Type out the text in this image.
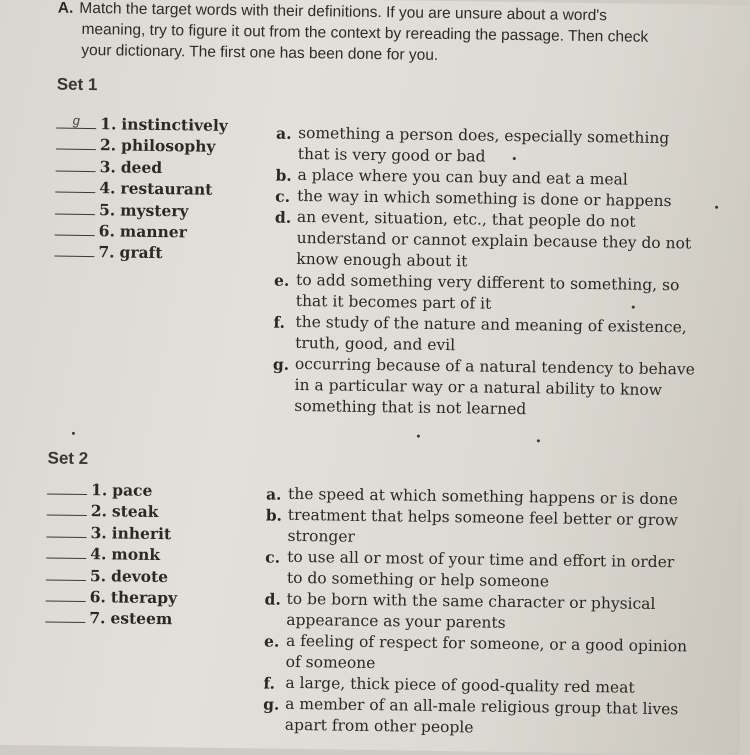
A. Match the target words with their definitions. If you are unsure about a word's
meaning, try to figure it out from the context by rereading the passage. Then check
your dictionary. The first one has been done for you.
Set 1
g	1.
instinctively
2.
philosophy
3.
deed
4.
restaurant
5.
mystery
6.
manner
7.
graft
a. something a person does, especially something
that is very good or bad
b. a place where you can buy and eat a meal
c. the way in which something is done or happens
d. an event, situation, etc., that people do not
understand or cannot explain because they do not
know enough about it
e. to add something very different to something, so
that it becomes part of it
f. the study of the nature and meaning of existence,
truth, good, and evil
g. occurring because of a natural tendency to behave
in a particular way or a natural ability to know
something that is not learned
Set 2
1.
pace
2.
steak
3.
inherit
4.
monk
5.
devote
6.
therapy
7.
esteem
a. the speed at which something happens or is done
b. treatment that helps someone feel better or grow
stronger
c. to use all or most of your time and effort in order
to do something or help someone
d. to be born with the same character or physical
appearance as your parents
e. a feeling of respect for someone, or a good opinion
of someone
f. a large, thick piece of good-quality red meat
g. a member of an all-male religious group that lives
apart from other people
